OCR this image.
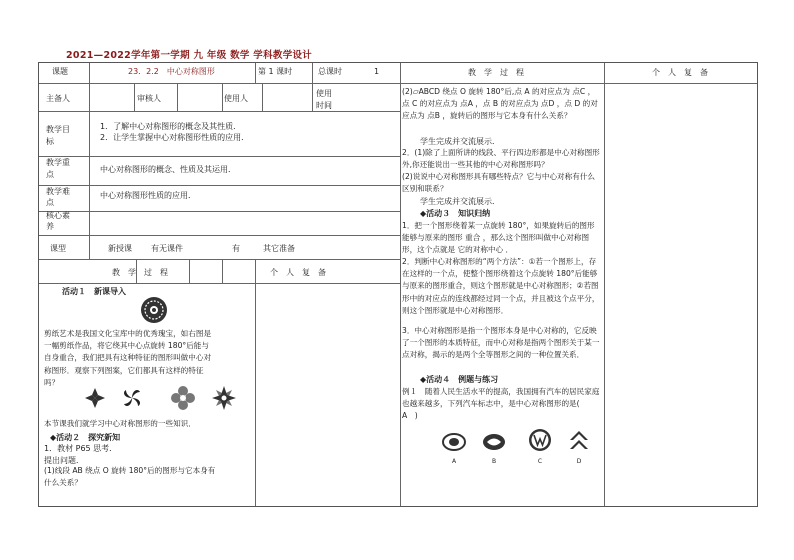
2021—2022学年第一学期 九 年级 数学 学科教学设计
课题	23．2.2　中心对称图形	第 1 课时	总课时	1	教　学　过　程	个　人　复　备
主备人	审核人	使用人
使用时间
教学目标
1．了解中心对称图形的概念及其性质．
2．让学生掌握中心对称图形性质的应用．
教学重点
中心对称图形的概念、性质及其运用．
教学难点
中心对称图形性质的应用．
核心素养
课型	新授课 有无课件	有	其它准备
教　学　过　程	个　人　复　备
活动１　新课导入
剪纸艺术是我国文化宝库中的优秀瑰宝，如右图是一幅剪纸作品，将它绕其中心点旋转 180°后能与自身重合，我们把具有这种特征的图形叫做中心对称图形．观察下列图案，它们都具有这样的特征吗？
本节课我们就学习中心对称图形的一些知识．
◆活动２　探究新知
1．教材 P65 思考．
提出问题．
(1)线段 AB 绕点 O 旋转 180°后的图形与它本身有什么关系？
(2)▱ABCD 绕点 O 旋转 180°后,点 A 的对应点为 点C ，点 C 的对应点为 点A ，点 B 的对应点为 点D ，点 D 的对应点为 点B ，旋转后的图形与它本身有什么关系？
学生完成并交流展示．
2．(1)除了上面所讲的线段、平行四边形都是中心对称图形外,你还能说出一些其他的中心对称图形吗？
(2)说说中心对称图形具有哪些特点？它与中心对称有什么区别和联系？
学生完成并交流展示．
◆活动３　知识归纳
1．把一个图形绕着某一点旋转 180°，如果旋转后的图形能够与原来的图形 重合 ，那么这个图形叫做中心对称图形，这个点就是 它的对称中心 ．
2．判断中心对称图形的“两个方法”：①若一个图形上，存在这样的一个点，使整个图形绕着这个点旋转 180°后能够与原来的图形重合，则这个图形就是中心对称图形；②若图形中的对应点的连线都经过同一个点，并且被这个点平分，则这个图形就是中心对称图形．
3．中心对称图形是指一个图形本身是中心对称的，它反映了一个图形的本质特征，而中心对称是指两个图形关于某一点对称，揭示的是两个全等图形之间的一种位置关系．
◆活动４　例题与练习
例１　随着人民生活水平的提高，我国拥有汽车的居民家庭也越来越多，下列汽车标志中，是中心对称图形的是(　A　)
A	B	C	D
